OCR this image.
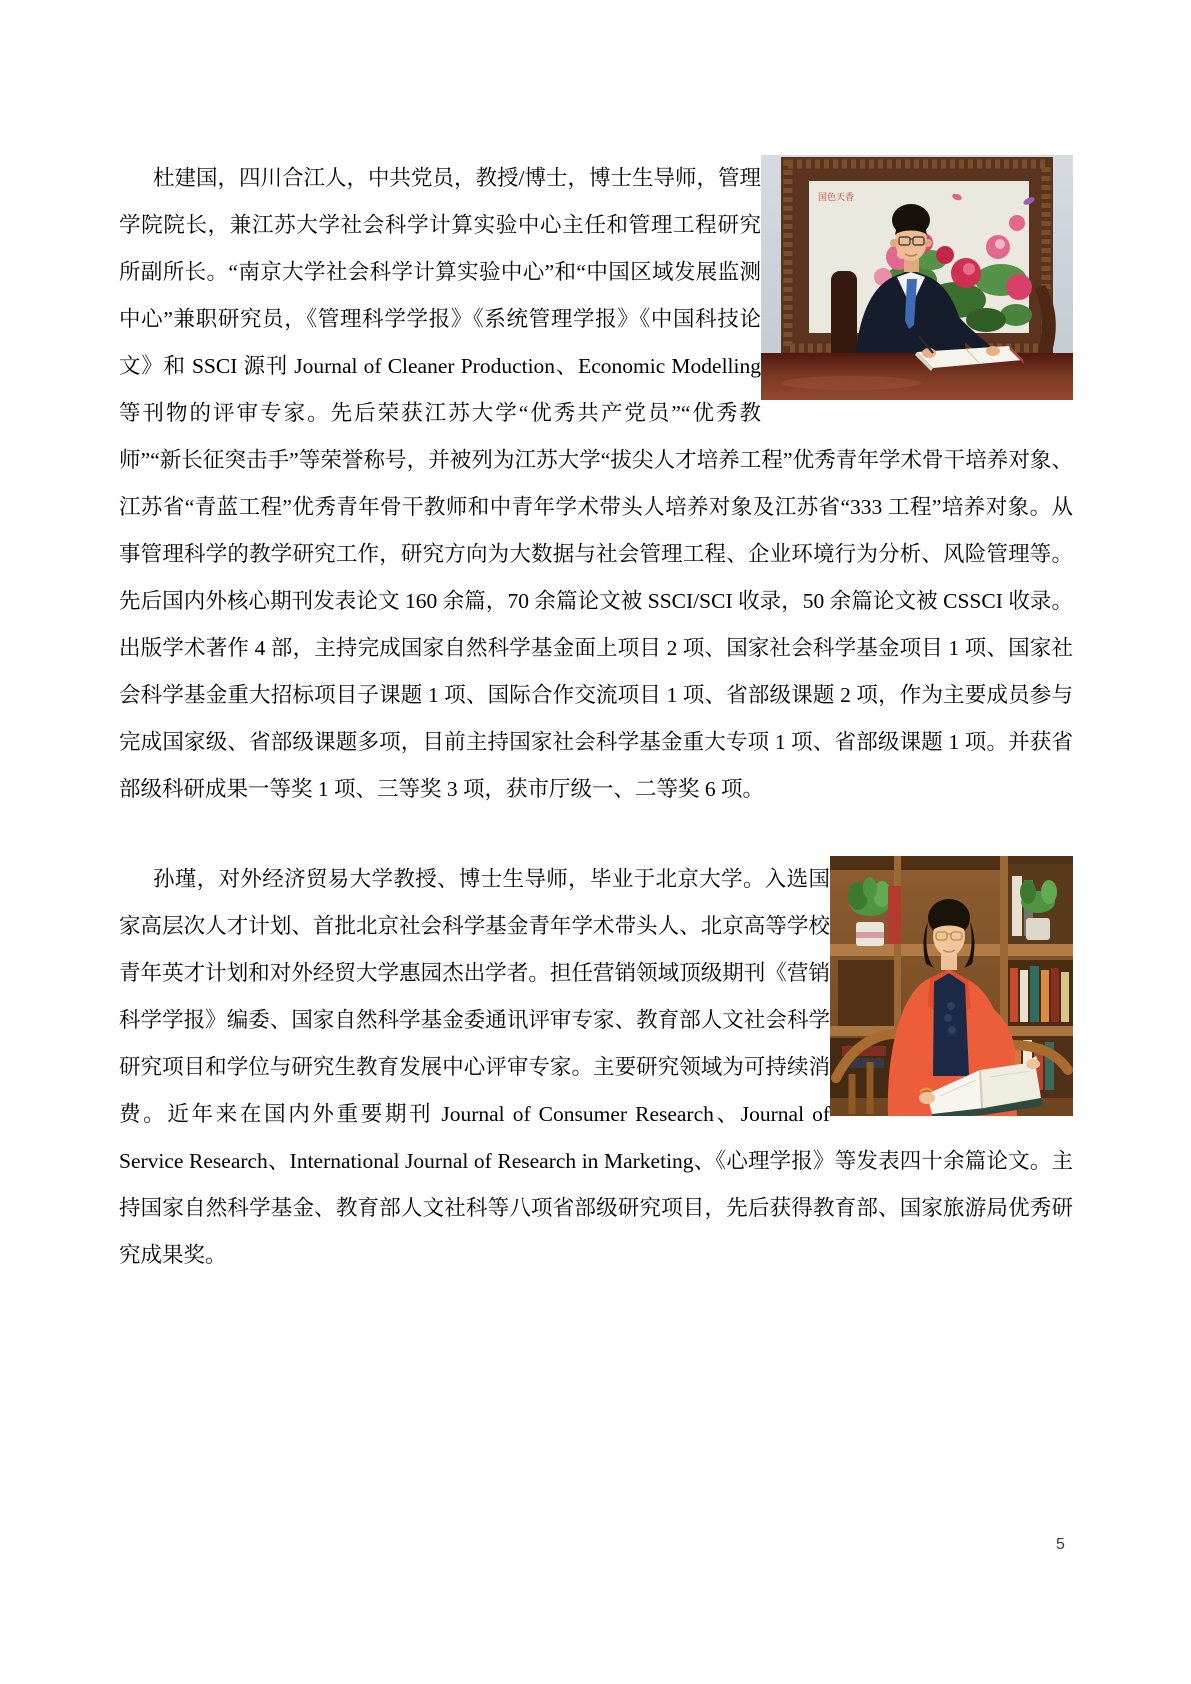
国色天香

杜建国，四川合江人，中共党员，教授/博士，博士生导师，管理学院院长，兼江苏大学社会科学计算实验中心主任和管理工程研究所副所长。“南京大学社会科学计算实验中心”和“中国区域发展监测中心”兼职研究员，《管理科学学报》《系统管理学报》《中国科技论文》和 SSCI 源刊 Journal of Cleaner Production、Economic Modelling 等刊物的评审专家。先后荣获江苏大学“优秀共产党员”“优秀教师”“新长征突击手”等荣誉称号，并被列为江苏大学“拔尖人才培养工程”优秀青年学术骨干培养对象、江苏省“青蓝工程”优秀青年骨干教师和中青年学术带头人培养对象及江苏省“333 工程”培养对象。从事管理科学的教学研究工作，研究方向为大数据与社会管理工程、企业环境行为分析、风险管理等。先后国内外核心期刊发表论文 160 余篇，70 余篇论文被 SSCI/SCI 收录，50 余篇论文被 CSSCI 收录。出版学术著作 4 部，主持完成国家自然科学基金面上项目 2 项、国家社会科学基金项目 1 项、国家社会科学基金重大招标项目子课题 1 项、国际合作交流项目 1 项、省部级课题 2 项，作为主要成员参与完成国家级、省部级课题多项，目前主持国家社会科学基金重大专项 1 项、省部级课题 1 项。并获省部级科研成果一等奖 1 项、三等奖 3 项，获市厅级一、二等奖 6 项。

孙瑾，对外经济贸易大学教授、博士生导师，毕业于北京大学。入选国家高层次人才计划、首批北京社会科学基金青年学术带头人、北京高等学校青年英才计划和对外经贸大学惠园杰出学者。担任营销领域顶级期刊《营销科学学报》编委、国家自然科学基金委通讯评审专家、教育部人文社会科学研究项目和学位与研究生教育发展中心评审专家。主要研究领域为可持续消费。近年来在国内外重要期刊 Journal of Consumer Research、Journal of Service Research、International Journal of Research in Marketing、《心理学报》等发表四十余篇论文。主持国家自然科学基金、教育部人文社科等八项省部级研究项目，先后获得教育部、国家旅游局优秀研究成果奖。

5
